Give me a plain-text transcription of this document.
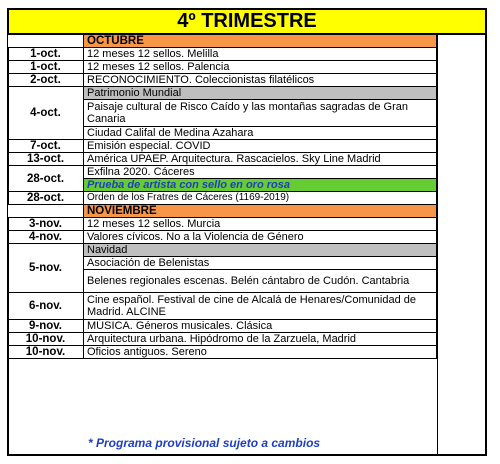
4º TRIMESTRE
	OCTUBRE
1-oct.	12 meses 12 sellos. Melilla
1-oct.	12 meses 12 sellos. Palencia
2-oct.	RECONOCIMIENTO. Coleccionistas filatélicos
4-oct.	Patrimonio Mundial
	Paisaje cultural de Risco Caído y las montañas sagradas de Gran Canaria
	Ciudad Califal de Medina Azahara
7-oct.	Emisión especial. COVID
13-oct.	América UPAEP. Arquitectura. Rascacielos. Sky Line Madrid
28-oct.	Exfilna 2020. Cáceres
	Prueba de artista con sello en oro rosa
28-oct.	Orden de los Fratres de Cáceres (1169-2019)
	NOVIEMBRE
3-nov.	12 meses 12 sellos. Murcia
4-nov.	Valores cívicos. No a la Violencia de Género
5-nov.	Navidad
	Asociación de Belenistas
	Belenes regionales escenas. Belén cántabro de Cudón. Cantabria
6-nov.	Cine español. Festival de cine de Alcalá de Henares/Comunidad de Madrid. ALCINE
9-nov.	MÚSICA. Géneros musicales. Clásica
10-nov.	Arquitectura urbana. Hipódromo de la Zarzuela, Madrid
10-nov.	Oficios antiguos. Sereno
* Programa provisional sujeto a cambios
